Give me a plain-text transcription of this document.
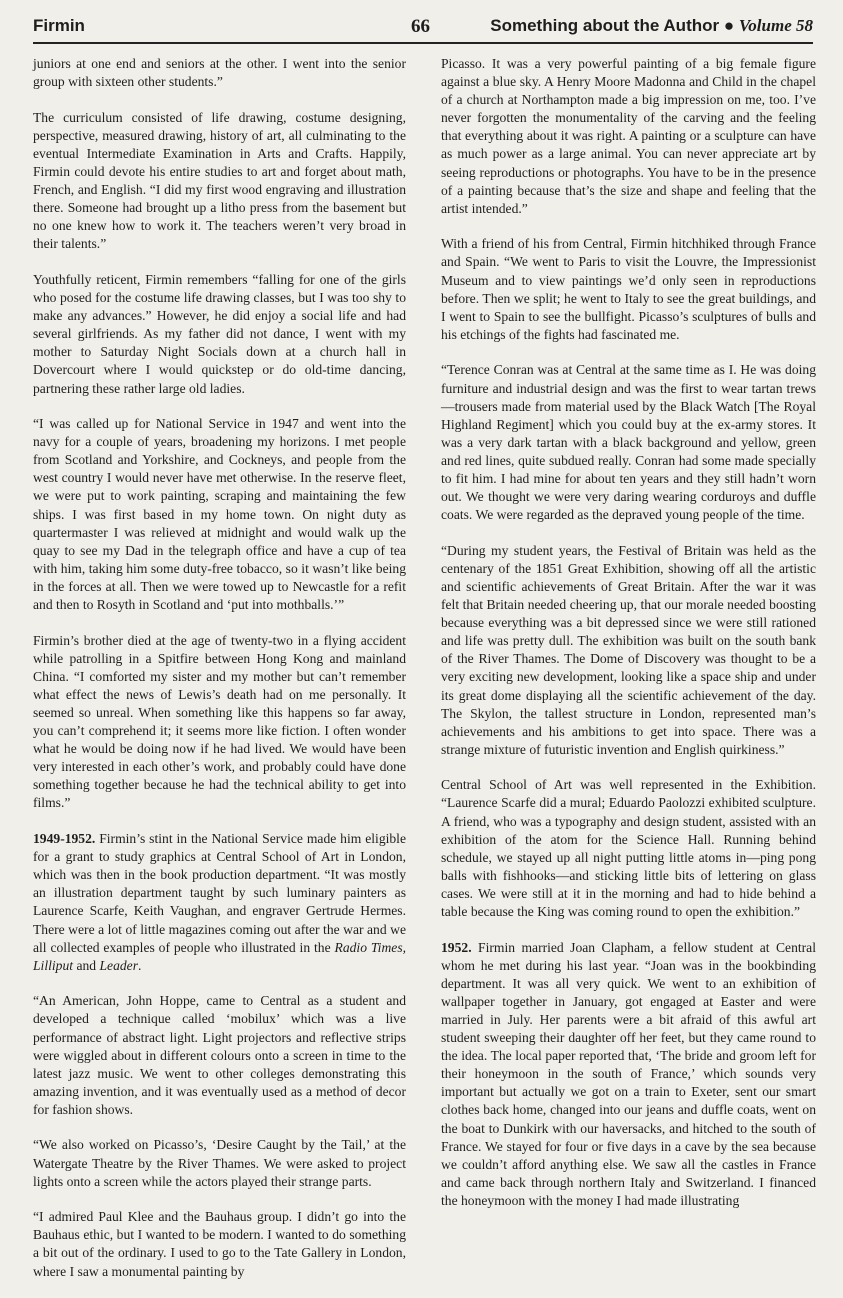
Firmin	66	Something about the Author ● Volume 58

juniors at one end and seniors at the other. I went into the senior group with sixteen other students.”

The curriculum consisted of life drawing, costume designing, perspective, measured drawing, history of art, all culminating to the eventual Intermediate Examination in Arts and Crafts. Happily, Firmin could devote his entire studies to art and forget about math, French, and English. “I did my first wood engraving and illustration there. Someone had brought up a litho press from the basement but no one knew how to work it. The teachers weren’t very broad in their talents.”

Youthfully reticent, Firmin remembers “falling for one of the girls who posed for the costume life drawing classes, but I was too shy to make any advances.” However, he did enjoy a social life and had several girlfriends. As my father did not dance, I went with my mother to Saturday Night Socials down at a church hall in Dovercourt where I would quickstep or do old-time dancing, partnering these rather large old ladies.

“I was called up for National Service in 1947 and went into the navy for a couple of years, broadening my horizons. I met people from Scotland and Yorkshire, and Cockneys, and people from the west country I would never have met otherwise. In the reserve fleet, we were put to work painting, scraping and maintaining the few ships. I was first based in my home town. On night duty as quartermaster I was relieved at midnight and would walk up the quay to see my Dad in the telegraph office and have a cup of tea with him, taking him some duty-free tobacco, so it wasn’t like being in the forces at all. Then we were towed up to Newcastle for a refit and then to Rosyth in Scotland and ‘put into mothballs.’”

Firmin’s brother died at the age of twenty-two in a flying accident while patrolling in a Spitfire between Hong Kong and mainland China. “I comforted my sister and my mother but can’t remember what effect the news of Lewis’s death had on me personally. It seemed so unreal. When something like this happens so far away, you can’t comprehend it; it seems more like fiction. I often wonder what he would be doing now if he had lived. We would have been very interested in each other’s work, and probably could have done something together because he had the technical ability to get into films.”

1949-1952. Firmin’s stint in the National Service made him eligible for a grant to study graphics at Central School of Art in London, which was then in the book production department. “It was mostly an illustration department taught by such luminary painters as Laurence Scarfe, Keith Vaughan, and engraver Gertrude Hermes. There were a lot of little magazines coming out after the war and we all collected examples of people who illustrated in the Radio Times, Lilliput and Leader.

“An American, John Hoppe, came to Central as a student and developed a technique called ‘mobilux’ which was a live performance of abstract light. Light projectors and reflective strips were wiggled about in different colours onto a screen in time to the latest jazz music. We went to other colleges demonstrating this amazing invention, and it was eventually used as a method of decor for fashion shows.

“We also worked on Picasso’s, ‘Desire Caught by the Tail,’ at the Watergate Theatre by the River Thames. We were asked to project lights onto a screen while the actors played their strange parts.

“I admired Paul Klee and the Bauhaus group. I didn’t go into the Bauhaus ethic, but I wanted to be modern. I wanted to do something a bit out of the ordinary. I used to go to the Tate Gallery in London, where I saw a monumental painting by

Picasso. It was a very powerful painting of a big female figure against a blue sky. A Henry Moore Madonna and Child in the chapel of a church at Northampton made a big impression on me, too. I’ve never forgotten the monumentality of the carving and the feeling that everything about it was right. A painting or a sculpture can have as much power as a large animal. You can never appreciate art by seeing reproductions or photographs. You have to be in the presence of a painting because that’s the size and shape and feeling that the artist intended.”

With a friend of his from Central, Firmin hitchhiked through France and Spain. “We went to Paris to visit the Louvre, the Impressionist Museum and to view paintings we’d only seen in reproductions before. Then we split; he went to Italy to see the great buildings, and I went to Spain to see the bullfight. Picasso’s sculptures of bulls and his etchings of the fights had fascinated me.

“Terence Conran was at Central at the same time as I. He was doing furniture and industrial design and was the first to wear tartan trews—trousers made from material used by the Black Watch [The Royal Highland Regiment] which you could buy at the ex-army stores. It was a very dark tartan with a black background and yellow, green and red lines, quite subdued really. Conran had some made specially to fit him. I had mine for about ten years and they still hadn’t worn out. We thought we were very daring wearing corduroys and duffle coats. We were regarded as the depraved young people of the time.

“During my student years, the Festival of Britain was held as the centenary of the 1851 Great Exhibition, showing off all the artistic and scientific achievements of Great Britain. After the war it was felt that Britain needed cheering up, that our morale needed boosting because everything was a bit depressed since we were still rationed and life was pretty dull. The exhibition was built on the south bank of the River Thames. The Dome of Discovery was thought to be a very exciting new development, looking like a space ship and under its great dome displaying all the scientific achievement of the day. The Skylon, the tallest structure in London, represented man’s achievements and his ambitions to get into space. There was a strange mixture of futuristic invention and English quirkiness.”

Central School of Art was well represented in the Exhibition. “Laurence Scarfe did a mural; Eduardo Paolozzi exhibited sculpture. A friend, who was a typography and design student, assisted with an exhibition of the atom for the Science Hall. Running behind schedule, we stayed up all night putting little atoms in—ping pong balls with fishhooks—and sticking little bits of lettering on glass cases. We were still at it in the morning and had to hide behind a table because the King was coming round to open the exhibition.”

1952. Firmin married Joan Clapham, a fellow student at Central whom he met during his last year. “Joan was in the bookbinding department. It was all very quick. We went to an exhibition of wallpaper together in January, got engaged at Easter and were married in July. Her parents were a bit afraid of this awful art student sweeping their daughter off her feet, but they came round to the idea. The local paper reported that, ‘The bride and groom left for their honeymoon in the south of France,’ which sounds very important but actually we got on a train to Exeter, sent our smart clothes back home, changed into our jeans and duffle coats, went on the boat to Dunkirk with our haversacks, and hitched to the south of France. We stayed for four or five days in a cave by the sea because we couldn’t afford anything else. We saw all the castles in France and came back through northern Italy and Switzerland. I financed the honeymoon with the money I had made illustrating
